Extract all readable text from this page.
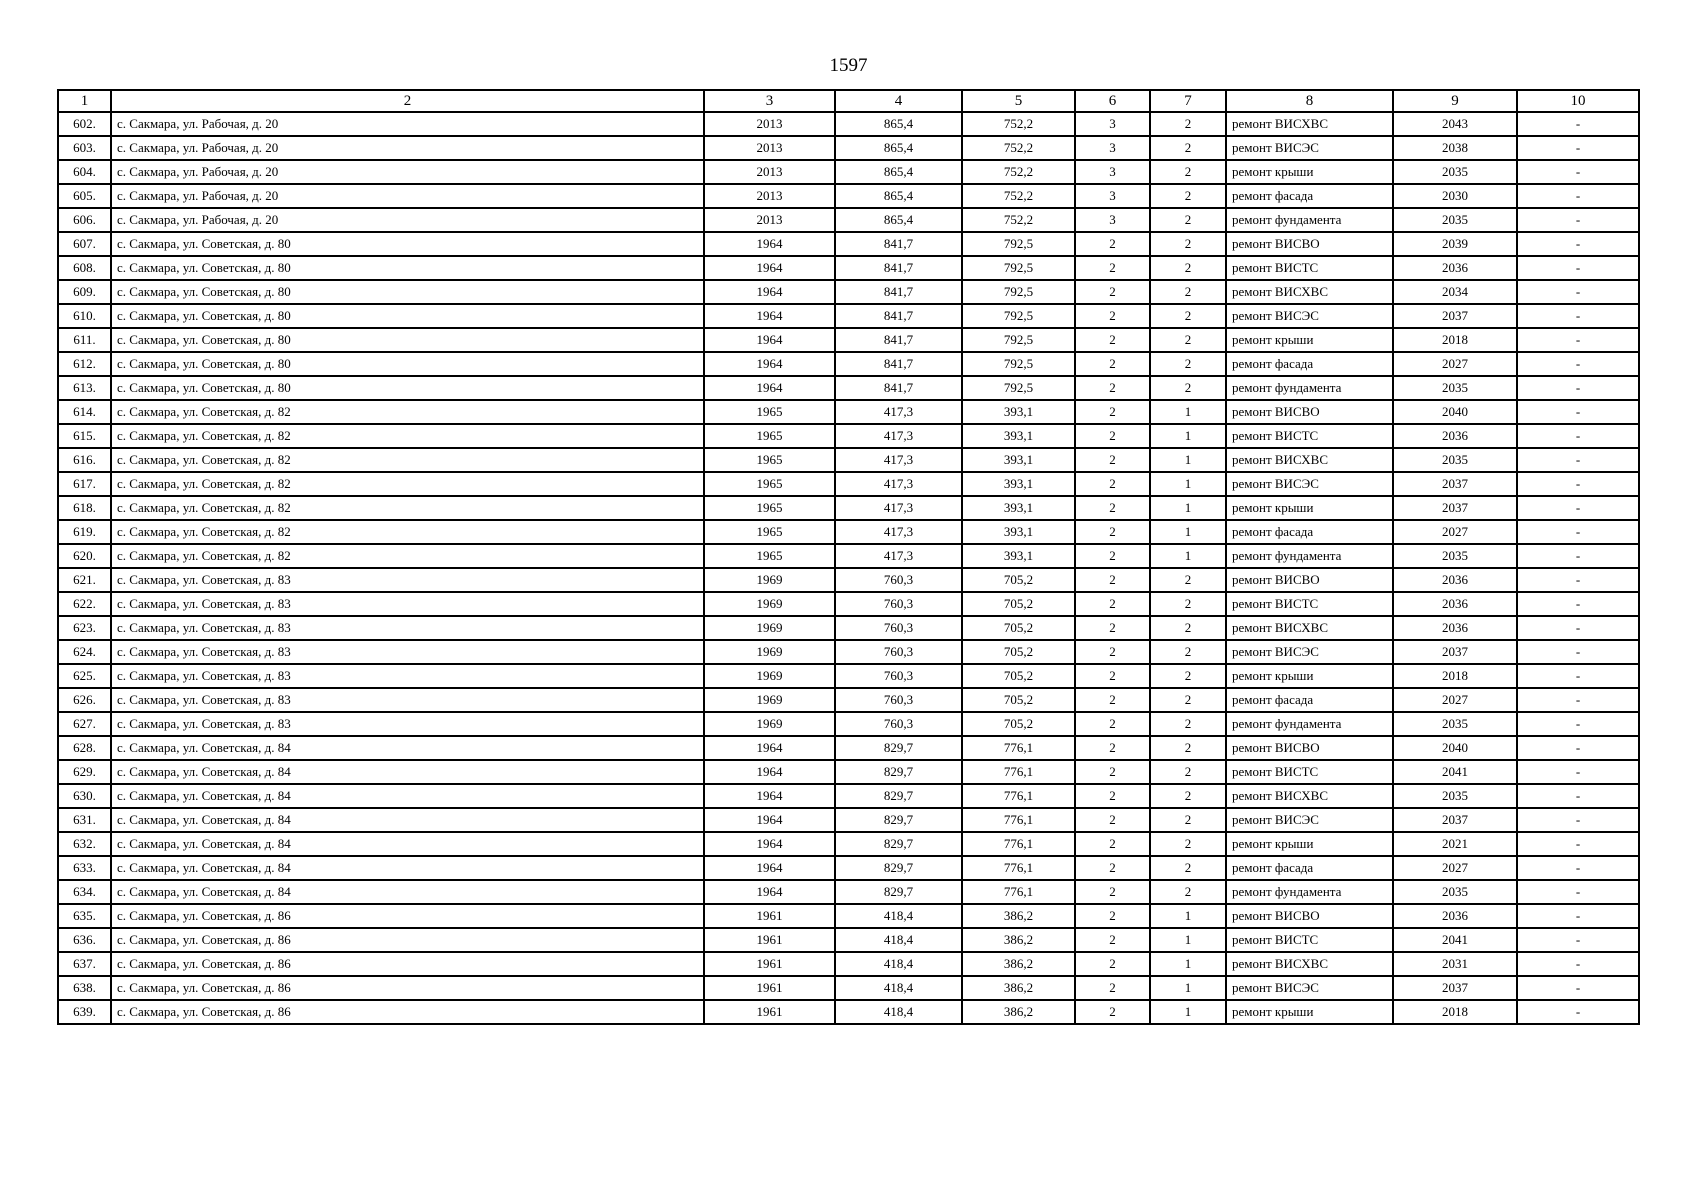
1597
1	2	3	4	5	6	7	8	9	10
602.	с. Сакмара, ул. Рабочая, д. 20	2013	865,4	752,2	3	2	ремонт ВИСХВС	2043	-
603.	с. Сакмара, ул. Рабочая, д. 20	2013	865,4	752,2	3	2	ремонт ВИСЭС	2038	-
604.	с. Сакмара, ул. Рабочая, д. 20	2013	865,4	752,2	3	2	ремонт крыши	2035	-
605.	с. Сакмара, ул. Рабочая, д. 20	2013	865,4	752,2	3	2	ремонт фасада	2030	-
606.	с. Сакмара, ул. Рабочая, д. 20	2013	865,4	752,2	3	2	ремонт фундамента	2035	-
607.	с. Сакмара, ул. Советская, д. 80	1964	841,7	792,5	2	2	ремонт ВИСВО	2039	-
608.	с. Сакмара, ул. Советская, д. 80	1964	841,7	792,5	2	2	ремонт ВИСТС	2036	-
609.	с. Сакмара, ул. Советская, д. 80	1964	841,7	792,5	2	2	ремонт ВИСХВС	2034	-
610.	с. Сакмара, ул. Советская, д. 80	1964	841,7	792,5	2	2	ремонт ВИСЭС	2037	-
611.	с. Сакмара, ул. Советская, д. 80	1964	841,7	792,5	2	2	ремонт крыши	2018	-
612.	с. Сакмара, ул. Советская, д. 80	1964	841,7	792,5	2	2	ремонт фасада	2027	-
613.	с. Сакмара, ул. Советская, д. 80	1964	841,7	792,5	2	2	ремонт фундамента	2035	-
614.	с. Сакмара, ул. Советская, д. 82	1965	417,3	393,1	2	1	ремонт ВИСВО	2040	-
615.	с. Сакмара, ул. Советская, д. 82	1965	417,3	393,1	2	1	ремонт ВИСТС	2036	-
616.	с. Сакмара, ул. Советская, д. 82	1965	417,3	393,1	2	1	ремонт ВИСХВС	2035	-
617.	с. Сакмара, ул. Советская, д. 82	1965	417,3	393,1	2	1	ремонт ВИСЭС	2037	-
618.	с. Сакмара, ул. Советская, д. 82	1965	417,3	393,1	2	1	ремонт крыши	2037	-
619.	с. Сакмара, ул. Советская, д. 82	1965	417,3	393,1	2	1	ремонт фасада	2027	-
620.	с. Сакмара, ул. Советская, д. 82	1965	417,3	393,1	2	1	ремонт фундамента	2035	-
621.	с. Сакмара, ул. Советская, д. 83	1969	760,3	705,2	2	2	ремонт ВИСВО	2036	-
622.	с. Сакмара, ул. Советская, д. 83	1969	760,3	705,2	2	2	ремонт ВИСТС	2036	-
623.	с. Сакмара, ул. Советская, д. 83	1969	760,3	705,2	2	2	ремонт ВИСХВС	2036	-
624.	с. Сакмара, ул. Советская, д. 83	1969	760,3	705,2	2	2	ремонт ВИСЭС	2037	-
625.	с. Сакмара, ул. Советская, д. 83	1969	760,3	705,2	2	2	ремонт крыши	2018	-
626.	с. Сакмара, ул. Советская, д. 83	1969	760,3	705,2	2	2	ремонт фасада	2027	-
627.	с. Сакмара, ул. Советская, д. 83	1969	760,3	705,2	2	2	ремонт фундамента	2035	-
628.	с. Сакмара, ул. Советская, д. 84	1964	829,7	776,1	2	2	ремонт ВИСВО	2040	-
629.	с. Сакмара, ул. Советская, д. 84	1964	829,7	776,1	2	2	ремонт ВИСТС	2041	-
630.	с. Сакмара, ул. Советская, д. 84	1964	829,7	776,1	2	2	ремонт ВИСХВС	2035	-
631.	с. Сакмара, ул. Советская, д. 84	1964	829,7	776,1	2	2	ремонт ВИСЭС	2037	-
632.	с. Сакмара, ул. Советская, д. 84	1964	829,7	776,1	2	2	ремонт крыши	2021	-
633.	с. Сакмара, ул. Советская, д. 84	1964	829,7	776,1	2	2	ремонт фасада	2027	-
634.	с. Сакмара, ул. Советская, д. 84	1964	829,7	776,1	2	2	ремонт фундамента	2035	-
635.	с. Сакмара, ул. Советская, д. 86	1961	418,4	386,2	2	1	ремонт ВИСВО	2036	-
636.	с. Сакмара, ул. Советская, д. 86	1961	418,4	386,2	2	1	ремонт ВИСТС	2041	-
637.	с. Сакмара, ул. Советская, д. 86	1961	418,4	386,2	2	1	ремонт ВИСХВС	2031	-
638.	с. Сакмара, ул. Советская, д. 86	1961	418,4	386,2	2	1	ремонт ВИСЭС	2037	-
639.	с. Сакмара, ул. Советская, д. 86	1961	418,4	386,2	2	1	ремонт крыши	2018	-
